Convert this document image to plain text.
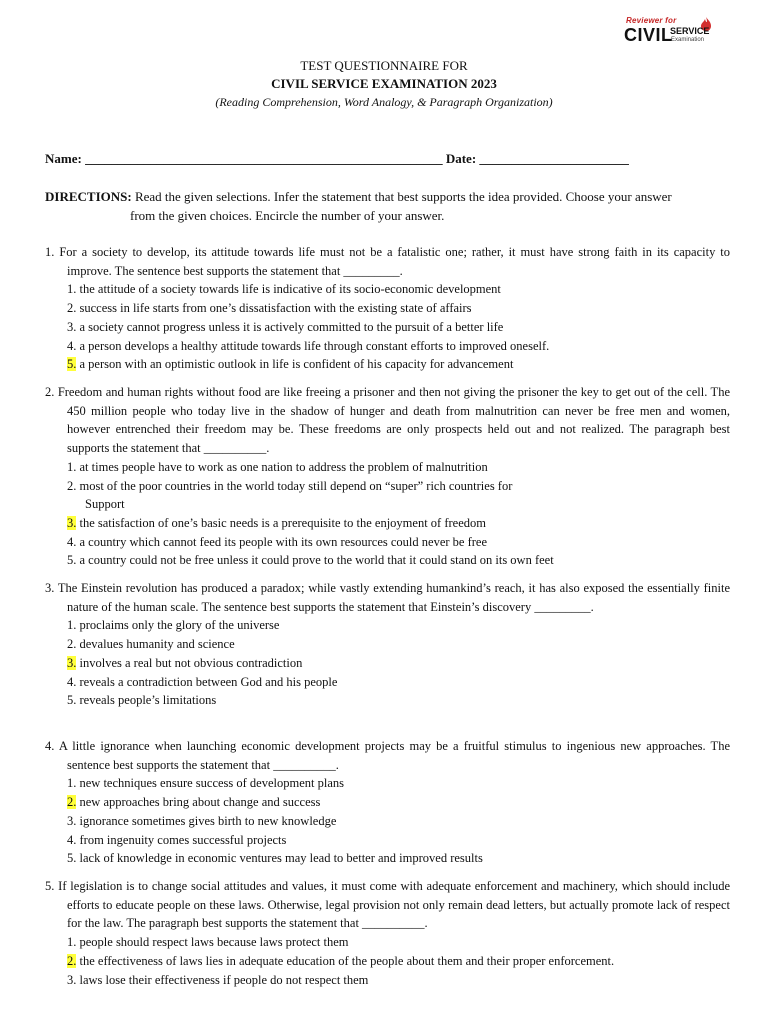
Reviewer for
CIVIL
SERVICE
Examination
TEST QUESTIONNAIRE FOR
CIVIL SERVICE EXAMINATION 2023
(Reading Comprehension, Word Analogy, & Paragraph Organization)
Name: _______________________________________________________ Date: _______________________
DIRECTIONS: Read the given selections. Infer the statement that best supports the idea provided. Choose your answer
from the given choices. Encircle the number of your answer.
1. For a society to develop, its attitude towards life must not be a fatalistic one; rather, it must have strong faith in its capacity to improve. The sentence best supports the statement that _________.
1. the attitude of a society towards life is indicative of its socio-economic development
2. success in life starts from one’s dissatisfaction with the existing state of affairs
3. a society cannot progress unless it is actively committed to the pursuit of a better life
4. a person develops a healthy attitude towards life through constant efforts to improved oneself.
5. a person with an optimistic outlook in life is confident of his capacity for advancement
2. Freedom and human rights without food are like freeing a prisoner and then not giving the prisoner the key to get out of the cell. The 450 million people who today live in the shadow of hunger and death from malnutrition can never be free men and women, however entrenched their freedom may be. These freedoms are only prospects held out and not realized. The paragraph best supports the statement that __________.
1. at times people have to work as one nation to address the problem of malnutrition
2. most of the poor countries in the world today still depend on “super” rich countries for
Support
3. the satisfaction of one’s basic needs is a prerequisite to the enjoyment of freedom
4. a country which cannot feed its people with its own resources could never be free
5. a country could not be free unless it could prove to the world that it could stand on its own feet
3. The Einstein revolution has produced a paradox; while vastly extending humankind’s reach, it has also exposed the essentially finite nature of the human scale. The sentence best supports the statement that Einstein’s discovery _________.
1. proclaims only the glory of the universe
2. devalues humanity and science
3. involves a real but not obvious contradiction
4. reveals a contradiction between God and his people
5. reveals people’s limitations
4. A little ignorance when launching economic development projects may be a fruitful stimulus to ingenious new approaches. The sentence best supports the statement that __________.
1. new techniques ensure success of development plans
2. new approaches bring about change and success
3. ignorance sometimes gives birth to new knowledge
4. from ingenuity comes successful projects
5. lack of knowledge in economic ventures may lead to better and improved results
5. If legislation is to change social attitudes and values, it must come with adequate enforcement and machinery, which should include efforts to educate people on these laws. Otherwise, legal provision not only remain dead letters, but actually promote lack of respect for the law. The paragraph best supports the statement that __________.
1. people should respect laws because laws protect them
2. the effectiveness of laws lies in adequate education of the people about them and their proper enforcement.
3. laws lose their effectiveness if people do not respect them
